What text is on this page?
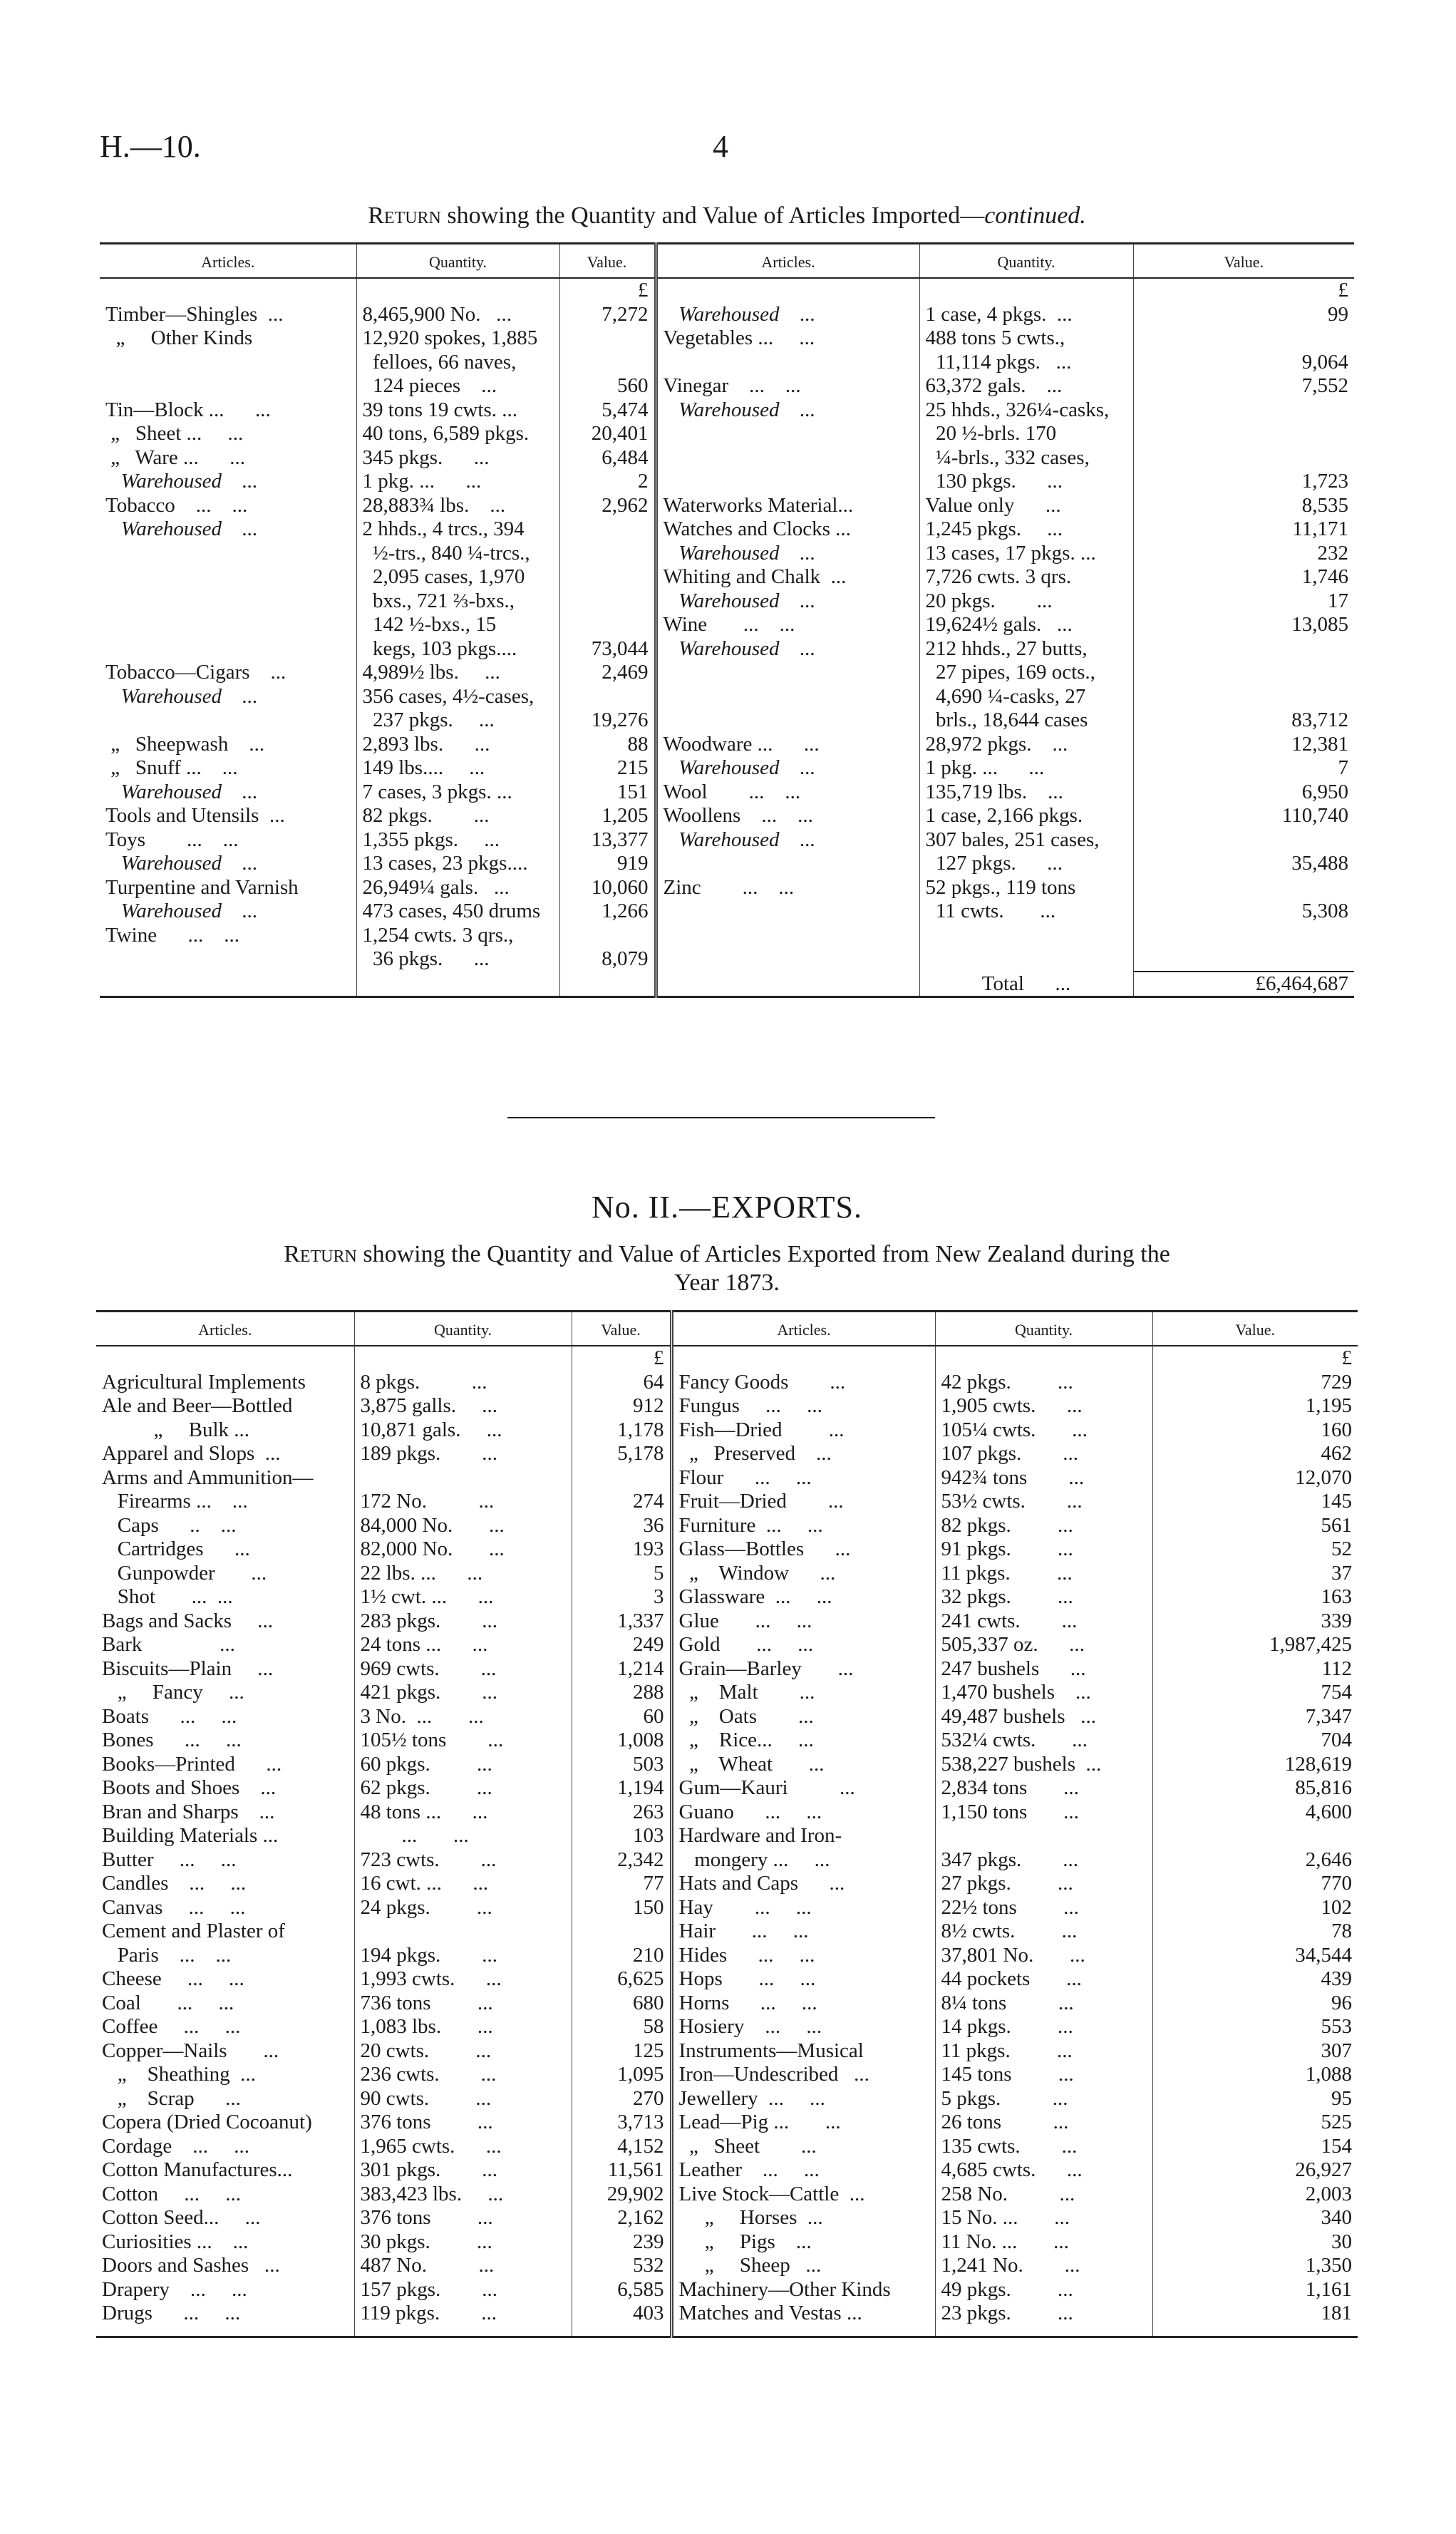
H.—10.	4
Return showing the Quantity and Value of Articles Imported—continued.
Articles.	Quantity.	Value.	Articles.	Quantity.	Value.
		£			£
Timber—Shingles  ...	8,465,900 No.   ...	7,272	Warehoused    ...	1 case, 4 pkgs.  ...	99
„     Other Kinds	12,920 spokes, 1,885		Vegetables ...     ...	488 tons 5 cwts.,	
	felloes, 66 naves,			11,114 pkgs.   ...	9,064
	124 pieces    ...	560	Vinegar    ...    ...	63,372 gals.    ...	7,552
Tin—Block ...      ...	39 tons 19 cwts. ...	5,474	Warehoused    ...	25 hhds., 326¼-casks,	
„   Sheet ...     ...	40 tons, 6,589 pkgs.	20,401		20 ½-brls. 170	
„   Ware ...      ...	345 pkgs.      ...	6,484		¼-brls., 332 cases,	
Warehoused    ...	1 pkg. ...      ...	2		130 pkgs.      ...	1,723
Tobacco    ...    ...	28,883¾ lbs.    ...	2,962	Waterworks Material...	Value only      ...	8,535
Warehoused    ...	2 hhds., 4 trcs., 394		Watches and Clocks ...	1,245 pkgs.     ...	11,171
	½-trs., 840 ¼-trcs.,		Warehoused    ...	13 cases, 17 pkgs. ...	232
	2,095 cases, 1,970		Whiting and Chalk  ...	7,726 cwts. 3 qrs.	1,746
	bxs., 721 ⅔-bxs.,		Warehoused    ...	20 pkgs.        ...	17
	142 ½-bxs., 15		Wine       ...    ...	19,624½ gals.   ...	13,085
	kegs, 103 pkgs....	73,044	Warehoused    ...	212 hhds., 27 butts,	
Tobacco—Cigars    ...	4,989½ lbs.     ...	2,469		27 pipes, 169 octs.,	
Warehoused    ...	356 cases, 4½-cases,			4,690 ¼-casks, 27	
	237 pkgs.     ...	19,276		brls., 18,644 cases	83,712
„   Sheepwash    ...	2,893 lbs.      ...	88	Woodware ...      ...	28,972 pkgs.    ...	12,381
„   Snuff ...    ...	149 lbs....     ...	215	Warehoused    ...	1 pkg. ...      ...	7
Warehoused    ...	7 cases, 3 pkgs. ...	151	Wool        ...    ...	135,719 lbs.    ...	6,950
Tools and Utensils  ...	82 pkgs.        ...	1,205	Woollens    ...    ...	1 case, 2,166 pkgs.	110,740
Toys        ...    ...	1,355 pkgs.     ...	13,377	Warehoused    ...	307 bales, 251 cases,	
Warehoused    ...	13 cases, 23 pkgs....	919		127 pkgs.      ...	35,488
Turpentine and Varnish	26,949¼ gals.   ...	10,060	Zinc        ...    ...	52 pkgs., 119 tons	
Warehoused    ...	473 cases, 450 drums	1,266		11 cwts.       ...	5,308
Twine      ...    ...	1,254 cwts. 3 qrs.,				
	36 pkgs.      ...	8,079			
				Total      ...	£6,464,687
No. II.—EXPORTS.
Return showing the Quantity and Value of Articles Exported from New Zealand during the
Year 1873.
Articles.	Quantity.	Value.	Articles.	Quantity.	Value.
		£			£
Agricultural Implements	8 pkgs.          ...	64	Fancy Goods        ...	42 pkgs.         ...	729
Ale and Beer—Bottled	3,875 galls.     ...	912	Fungus     ...     ...	1,905 cwts.      ...	1,195
„     Bulk ...	10,871 gals.     ...	1,178	Fish—Dried         ...	105¼ cwts.       ...	160
Apparel and Slops  ...	189 pkgs.        ...	5,178	„   Preserved    ...	107 pkgs.        ...	462
Arms and Ammunition—			Flour      ...     ...	942¾ tons        ...	12,070
Firearms ...    ...	172 No.          ...	274	Fruit—Dried        ...	53½ cwts.        ...	145
Caps      ..    ...	84,000 No.       ...	36	Furniture  ...     ...	82 pkgs.         ...	561
Cartridges      ...	82,000 No.       ...	193	Glass—Bottles      ...	91 pkgs.         ...	52
Gunpowder       ...	22 lbs. ...      ...	5	„    Window      ...	11 pkgs.         ...	37
Shot       ...  ...	1½ cwt. ...      ...	3	Glassware  ...     ...	32 pkgs.         ...	163
Bags and Sacks     ...	283 pkgs.        ...	1,337	Glue       ...     ...	241 cwts.        ...	339
Bark               ...	24 tons ...      ...	249	Gold       ...     ...	505,337 oz.      ...	1,987,425
Biscuits—Plain     ...	969 cwts.        ...	1,214	Grain—Barley       ...	247 bushels      ...	112
„     Fancy     ...	421 pkgs.        ...	288	„    Malt        ...	1,470 bushels    ...	754
Boats      ...     ...	3 No.  ...       ...	60	„    Oats        ...	49,487 bushels   ...	7,347
Bones      ...     ...	105½ tons        ...	1,008	„    Rice...     ...	532¼ cwts.       ...	704
Books—Printed      ...	60 pkgs.         ...	503	„    Wheat       ...	538,227 bushels  ...	128,619
Boots and Shoes    ...	62 pkgs.         ...	1,194	Gum—Kauri          ...	2,834 tons       ...	85,816
Bran and Sharps    ...	48 tons ...      ...	263	Guano      ...     ...	1,150 tons       ...	4,600
Building Materials ...	...       ...	103	Hardware and Iron-		
Butter     ...     ...	723 cwts.        ...	2,342	mongery ...     ...	347 pkgs.        ...	2,646
Candles    ...     ...	16 cwt. ...      ...	77	Hats and Caps      ...	27 pkgs.         ...	770
Canvas     ...     ...	24 pkgs.         ...	150	Hay        ...     ...	22½ tons         ...	102
Cement and Plaster of			Hair       ...     ...	8½ cwts.         ...	78
Paris    ...    ...	194 pkgs.        ...	210	Hides      ...     ...	37,801 No.       ...	34,544
Cheese     ...     ...	1,993 cwts.      ...	6,625	Hops       ...     ...	44 pockets       ...	439
Coal       ...     ...	736 tons         ...	680	Horns      ...     ...	8¼ tons          ...	96
Coffee     ...     ...	1,083 lbs.       ...	58	Hosiery    ...     ...	14 pkgs.         ...	553
Copper—Nails       ...	20 cwts.         ...	125	Instruments—Musical	11 pkgs.         ...	307
„    Sheathing  ...	236 cwts.        ...	1,095	Iron—Undescribed   ...	145 tons         ...	1,088
„    Scrap      ...	90 cwts.         ...	270	Jewellery  ...     ...	5 pkgs.          ...	95
Copera (Dried Cocoanut)	376 tons         ...	3,713	Lead—Pig ...       ...	26 tons          ...	525
Cordage    ...     ...	1,965 cwts.      ...	4,152	„   Sheet        ...	135 cwts.        ...	154
Cotton Manufactures...	301 pkgs.        ...	11,561	Leather    ...     ...	4,685 cwts.      ...	26,927
Cotton     ...     ...	383,423 lbs.     ...	29,902	Live Stock—Cattle  ...	258 No.          ...	2,003
Cotton Seed...     ...	376 tons         ...	2,162	„     Horses  ...	15 No. ...       ...	340
Curiosities ...    ...	30 pkgs.         ...	239	„     Pigs    ...	11 No. ...       ...	30
Doors and Sashes   ...	487 No.          ...	532	„     Sheep   ...	1,241 No.        ...	1,350
Drapery    ...     ...	157 pkgs.        ...	6,585	Machinery—Other Kinds	49 pkgs.         ...	1,161
Drugs      ...     ...	119 pkgs.        ...	403	Matches and Vestas ...	23 pkgs.         ...	181
